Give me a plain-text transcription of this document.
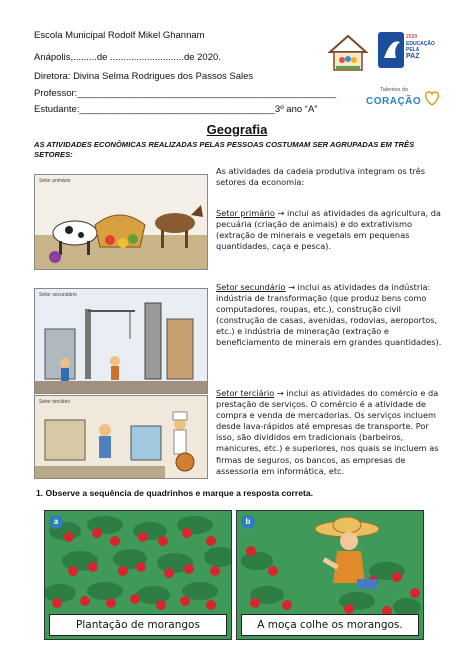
Escola Municipal Rodolf Mikel Ghannam
Anápolis,.........de ............................de 2020.
Diretora: Divina Selma Rodrigues dos Passos Sales
Professor:_________________________________________________
Estudante:_____________________________________3º ano “A”
2020
EDUCAÇÃO
PELA
PAZ
Talentos do
CORAÇÃO
Geografia
AS ATIVIDADES ECONÔMICAS REALIZADAS PELAS PESSOAS COSTUMAM SER AGRUPADAS EM TRÊS SETORES:
Setor primário
Setor secundário
Setor terciário
As atividades da cadeia produtiva integram os três setores da economia:
Setor primário → inclui as atividades da agricultura, da pecuária (criação de animais) e do extrativismo (extração de minerais e vegetais em pequenas quantidades, caça e pesca).
Setor secundário → inclui as atividades da indústria: indústria de transformação (que produz bens como computadores, roupas, etc.), construção civil (construção de casas, avenidas, rodovias, aeroportos, etc.) e indústria de mineração (extração e beneficiamento de minerais em grandes quantidades).
Setor terciário → inclui as atividades do comércio e da prestação de serviços. O comércio é a atividade de compra e venda de mercadorias. Os serviços incluem desde lava-rápidos até empresas de transporte. Por isso, são divididos em tradicionais (barbeiros, manicures, etc.) e superiores, nos quais se incluem as firmas de seguros, os bancos, as empresas de assessoria em informática, etc.
1. Observe a sequência de quadrinhos e marque a resposta correta.
a
Plantação de morangos
b
A moça colhe os morangos.
